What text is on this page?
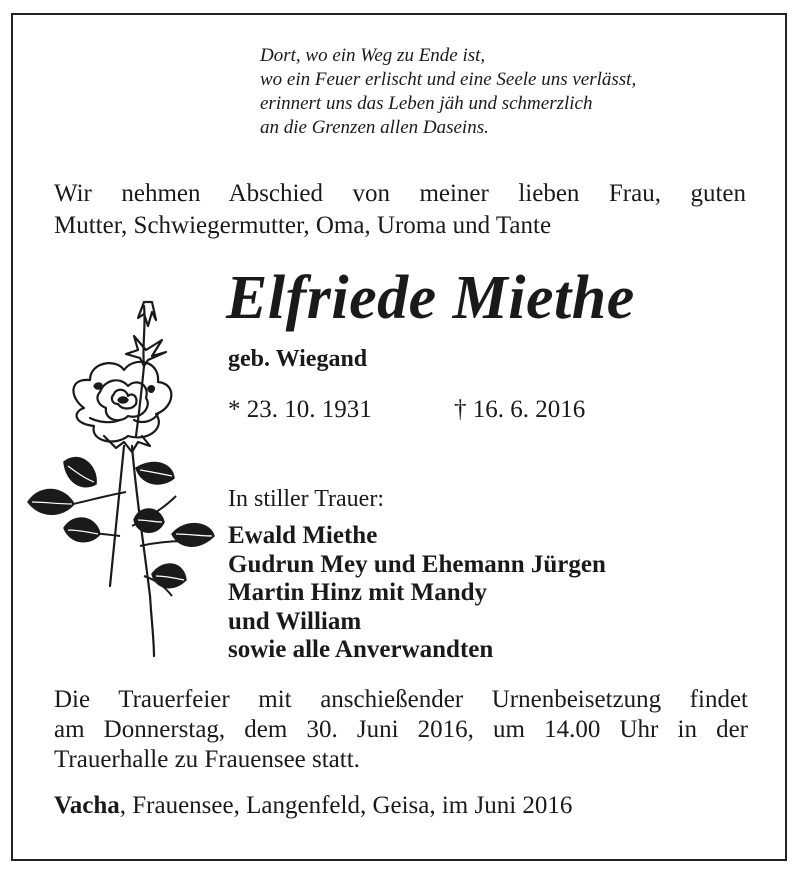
Dort, wo ein Weg zu Ende ist,
wo ein Feuer erlischt und eine Seele uns verlässt,
erinnert uns das Leben jäh und schmerzlich
an die Grenzen allen Daseins.
Wir nehmen Abschied von meiner lieben Frau, guten
Mutter, Schwiegermutter, Oma, Uroma und Tante
Elfriede Miethe
geb. Wiegand
* 23. 10. 1931	† 16. 6. 2016
In stiller Trauer:
Ewald Miethe
Gudrun Mey und Ehemann Jürgen
Martin Hinz mit Mandy
und William
sowie alle Anverwandten
Die Trauerfeier mit anschießender Urnenbeisetzung findet
am Donnerstag, dem 30. Juni 2016, um 14.00 Uhr in der
Trauerhalle zu Frauensee statt.
Vacha, Frauensee, Langenfeld, Geisa, im Juni 2016
